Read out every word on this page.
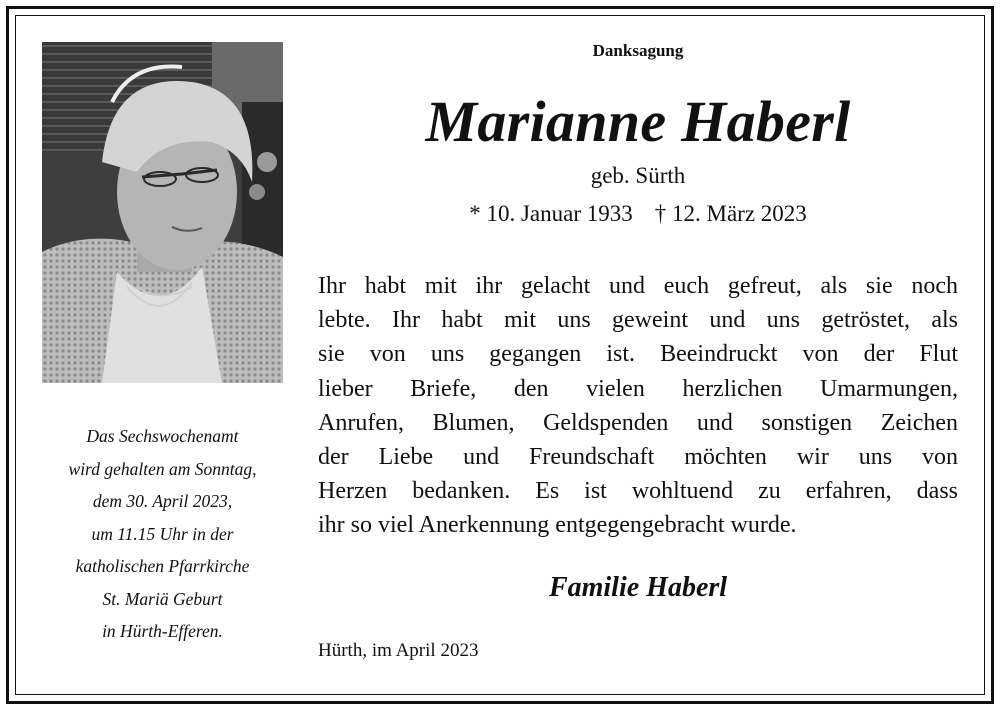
Das Sechswochenamt
wird gehalten am Sonntag,
dem 30. April 2023,
um 11.15 Uhr in der
katholischen Pfarrkirche
St. Mariä Geburt
in Hürth-Efferen.
Danksagung
Marianne Haberl
geb. Sürth
* 10. Januar 1933 † 12. März 2023
Ihr habt mit ihr gelacht und euch gefreut, als sie noch
lebte. Ihr habt mit uns geweint und uns getröstet, als
sie von uns gegangen ist. Beeindruckt von der Flut
lieber Briefe, den vielen herzlichen Umarmungen,
Anrufen, Blumen, Geldspenden und sonstigen Zeichen
der Liebe und Freundschaft möchten wir uns von
Herzen bedanken. Es ist wohltuend zu erfahren, dass
ihr so viel Anerkennung entgegengebracht wurde.
Familie Haberl
Hürth, im April 2023
